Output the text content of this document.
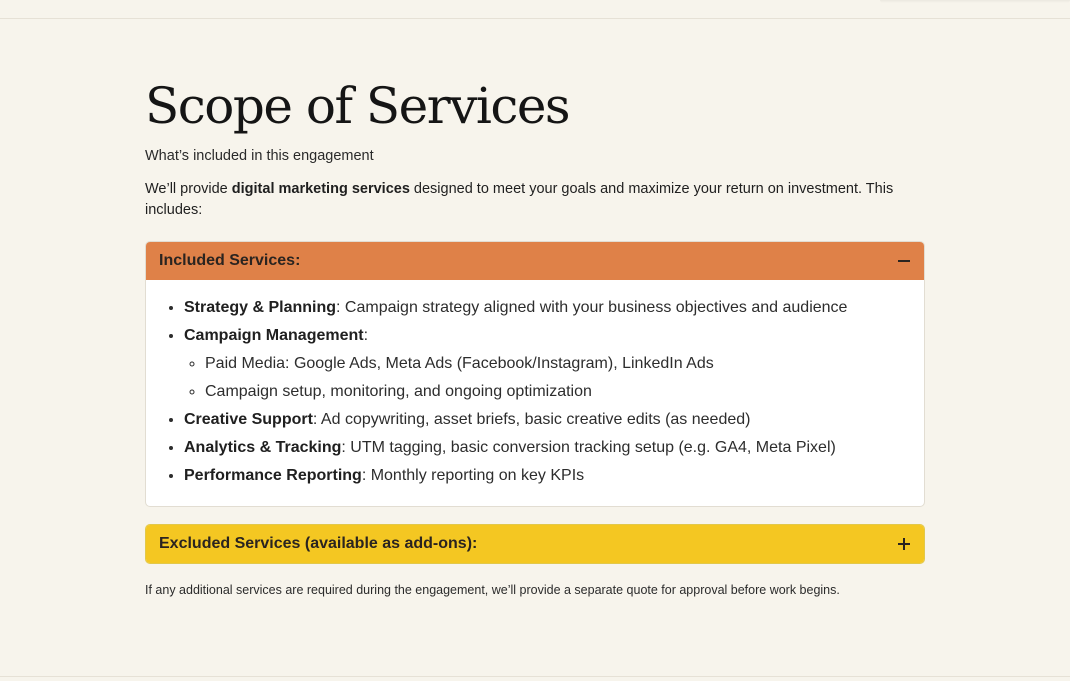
Scope of Services
What’s included in this engagement
We’ll provide digital marketing services designed to meet your goals and maximize your return on investment. This includes:
Included Services:
• Strategy & Planning: Campaign strategy aligned with your business objectives and audience
• Campaign Management:
◦ Paid Media: Google Ads, Meta Ads (Facebook/Instagram), LinkedIn Ads
◦ Campaign setup, monitoring, and ongoing optimization
• Creative Support: Ad copywriting, asset briefs, basic creative edits (as needed)
• Analytics & Tracking: UTM tagging, basic conversion tracking setup (e.g. GA4, Meta Pixel)
• Performance Reporting: Monthly reporting on key KPIs
Excluded Services (available as add-ons):
If any additional services are required during the engagement, we’ll provide a separate quote for approval before work begins.
